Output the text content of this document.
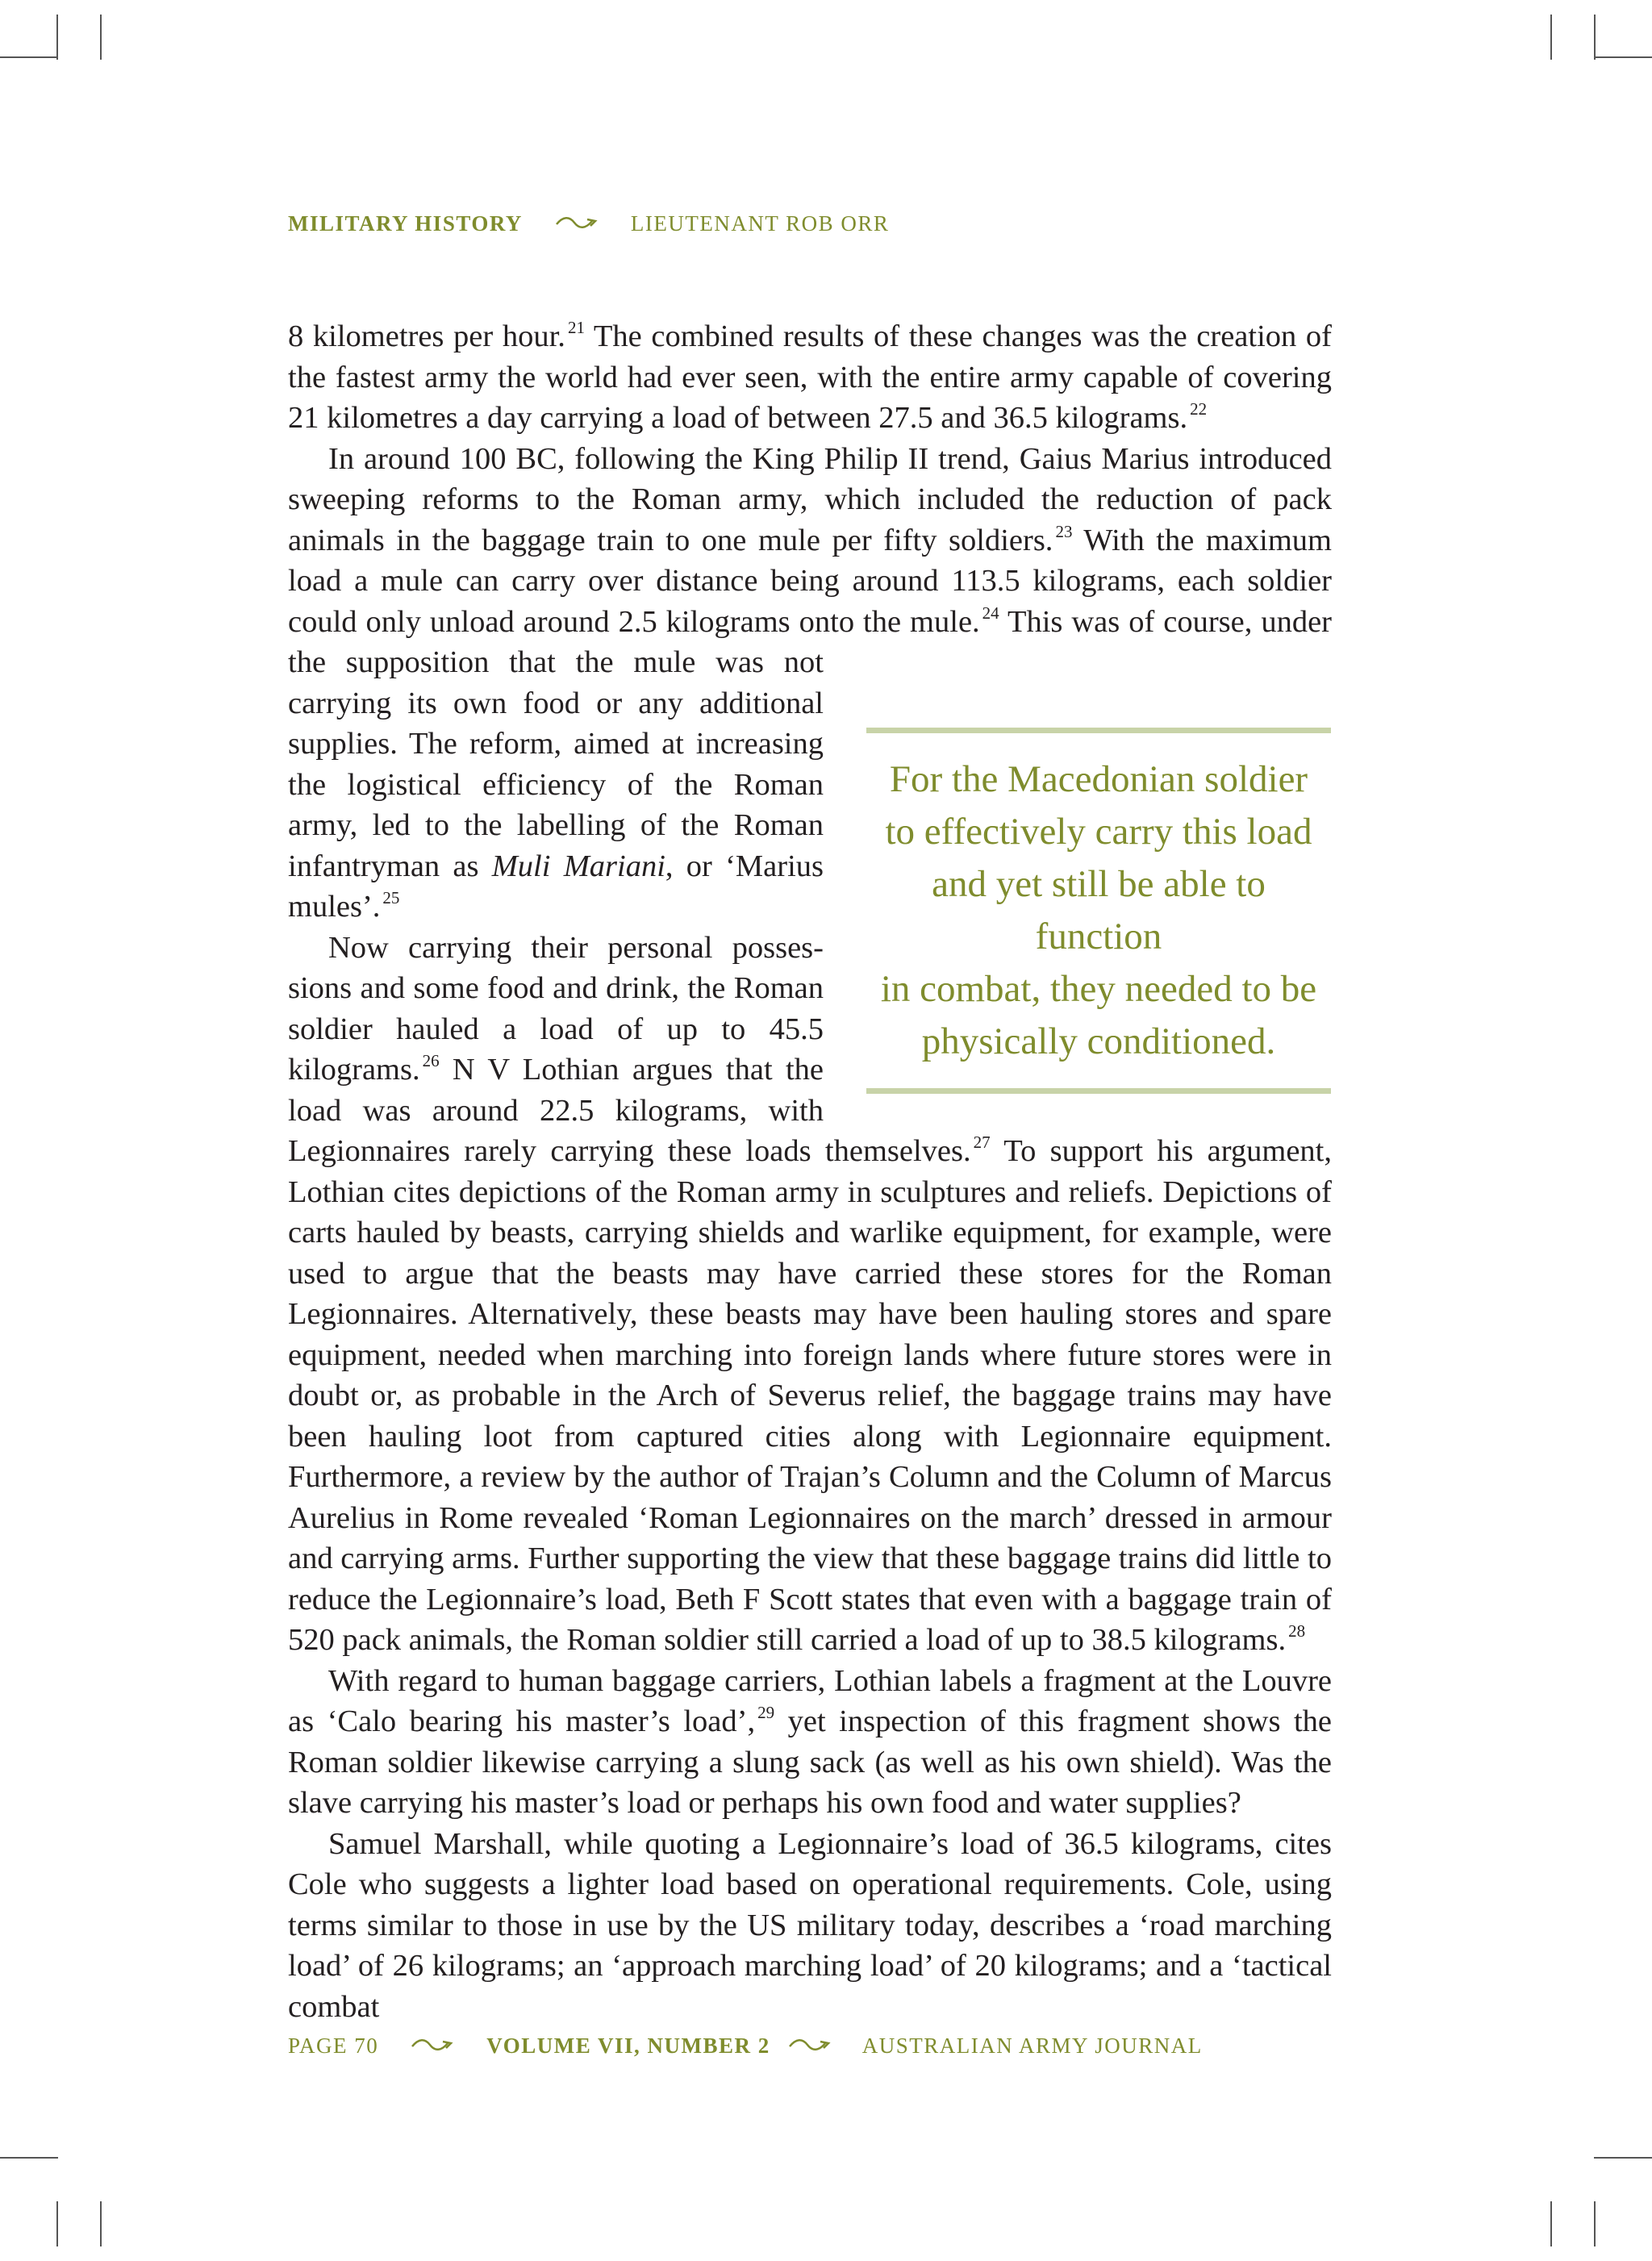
MILITARY HISTORY	LIEUTENANT ROB ORR

8 kilometres per hour. $^{21}$ The combined results of these changes was the creation of the fastest army the world had ever seen, with the entire army capable of covering 21 kilometres a day carrying a load of between 27.5 and 36.5 kilograms. $^{22}$

In around 100 BC, following the King Philip II trend, Gaius Marius introduced sweeping reforms to the Roman army, which included the reduction of pack animals in the baggage train to one mule per fifty soldiers. $^{23}$ With the maximum load a mule can carry over distance being around 113.5 kilograms, each soldier could only unload around 2.5 kilograms onto the mule. $^{24}$
This was of course, under the supposition that the mule was not carrying its own food or any additional supplies. The reform, aimed at increasing the logistical efficiency of the Roman army, led to the labelling of the Roman infantryman as Muli Mariani, or ‘Marius mules’. $^{25}$

Now carrying their personal possessions and some food and drink, the Roman soldier hauled a load of up to 45.5 kilograms. $^{26}$ N V Lothian argues that the load was around 22.5 kilograms, with Legionnaires rarely carrying these loads themselves. $^{27}$ To support his argument, Lothian cites depictions of the Roman army in sculptures and reliefs. Depictions of carts hauled by beasts, carrying shields and warlike equipment, for example, were used to argue that the beasts may have carried these stores for the Roman Legionnaires. Alternatively, these beasts may have been hauling stores and spare equipment, needed when marching into foreign lands where future stores were in doubt or, as probable in the Arch of Severus relief, the baggage trains may have been hauling loot from captured cities along with Legionnaire equipment. Furthermore, a review by the author of Trajan’s Column and the Column of Marcus Aurelius in Rome revealed ‘Roman Legionnaires on the march’ dressed in armour and carrying arms. Further supporting the view that these baggage trains did little to reduce the Legionnaire’s load, Beth F Scott states that even with a baggage train of 520 pack animals, the Roman soldier still carried a load of up to 38.5 kilograms. $^{28}$

With regard to human baggage carriers, Lothian labels a fragment at the Louvre as ‘Calo bearing his master’s load’, $^{29}$ yet inspection of this fragment shows the Roman soldier likewise carrying a slung sack (as well as his own shield). Was the slave carrying his master’s load or perhaps his own food and water supplies?

Samuel Marshall, while quoting a Legionnaire’s load of 36.5 kilograms, cites Cole who suggests a lighter load based on operational requirements. Cole, using terms similar to those in use by the US military today, describes a ‘road marching load’ of 26 kilograms; an ‘approach marching load’ of 20 kilograms; and a ‘tactical combat

For the Macedonian soldier
to effectively carry this load
and yet still be able to function
in combat, they needed to be
physically conditioned.
PAGE 70	VOLUME VII, NUMBER 2	AUSTRALIAN ARMY JOURNAL
